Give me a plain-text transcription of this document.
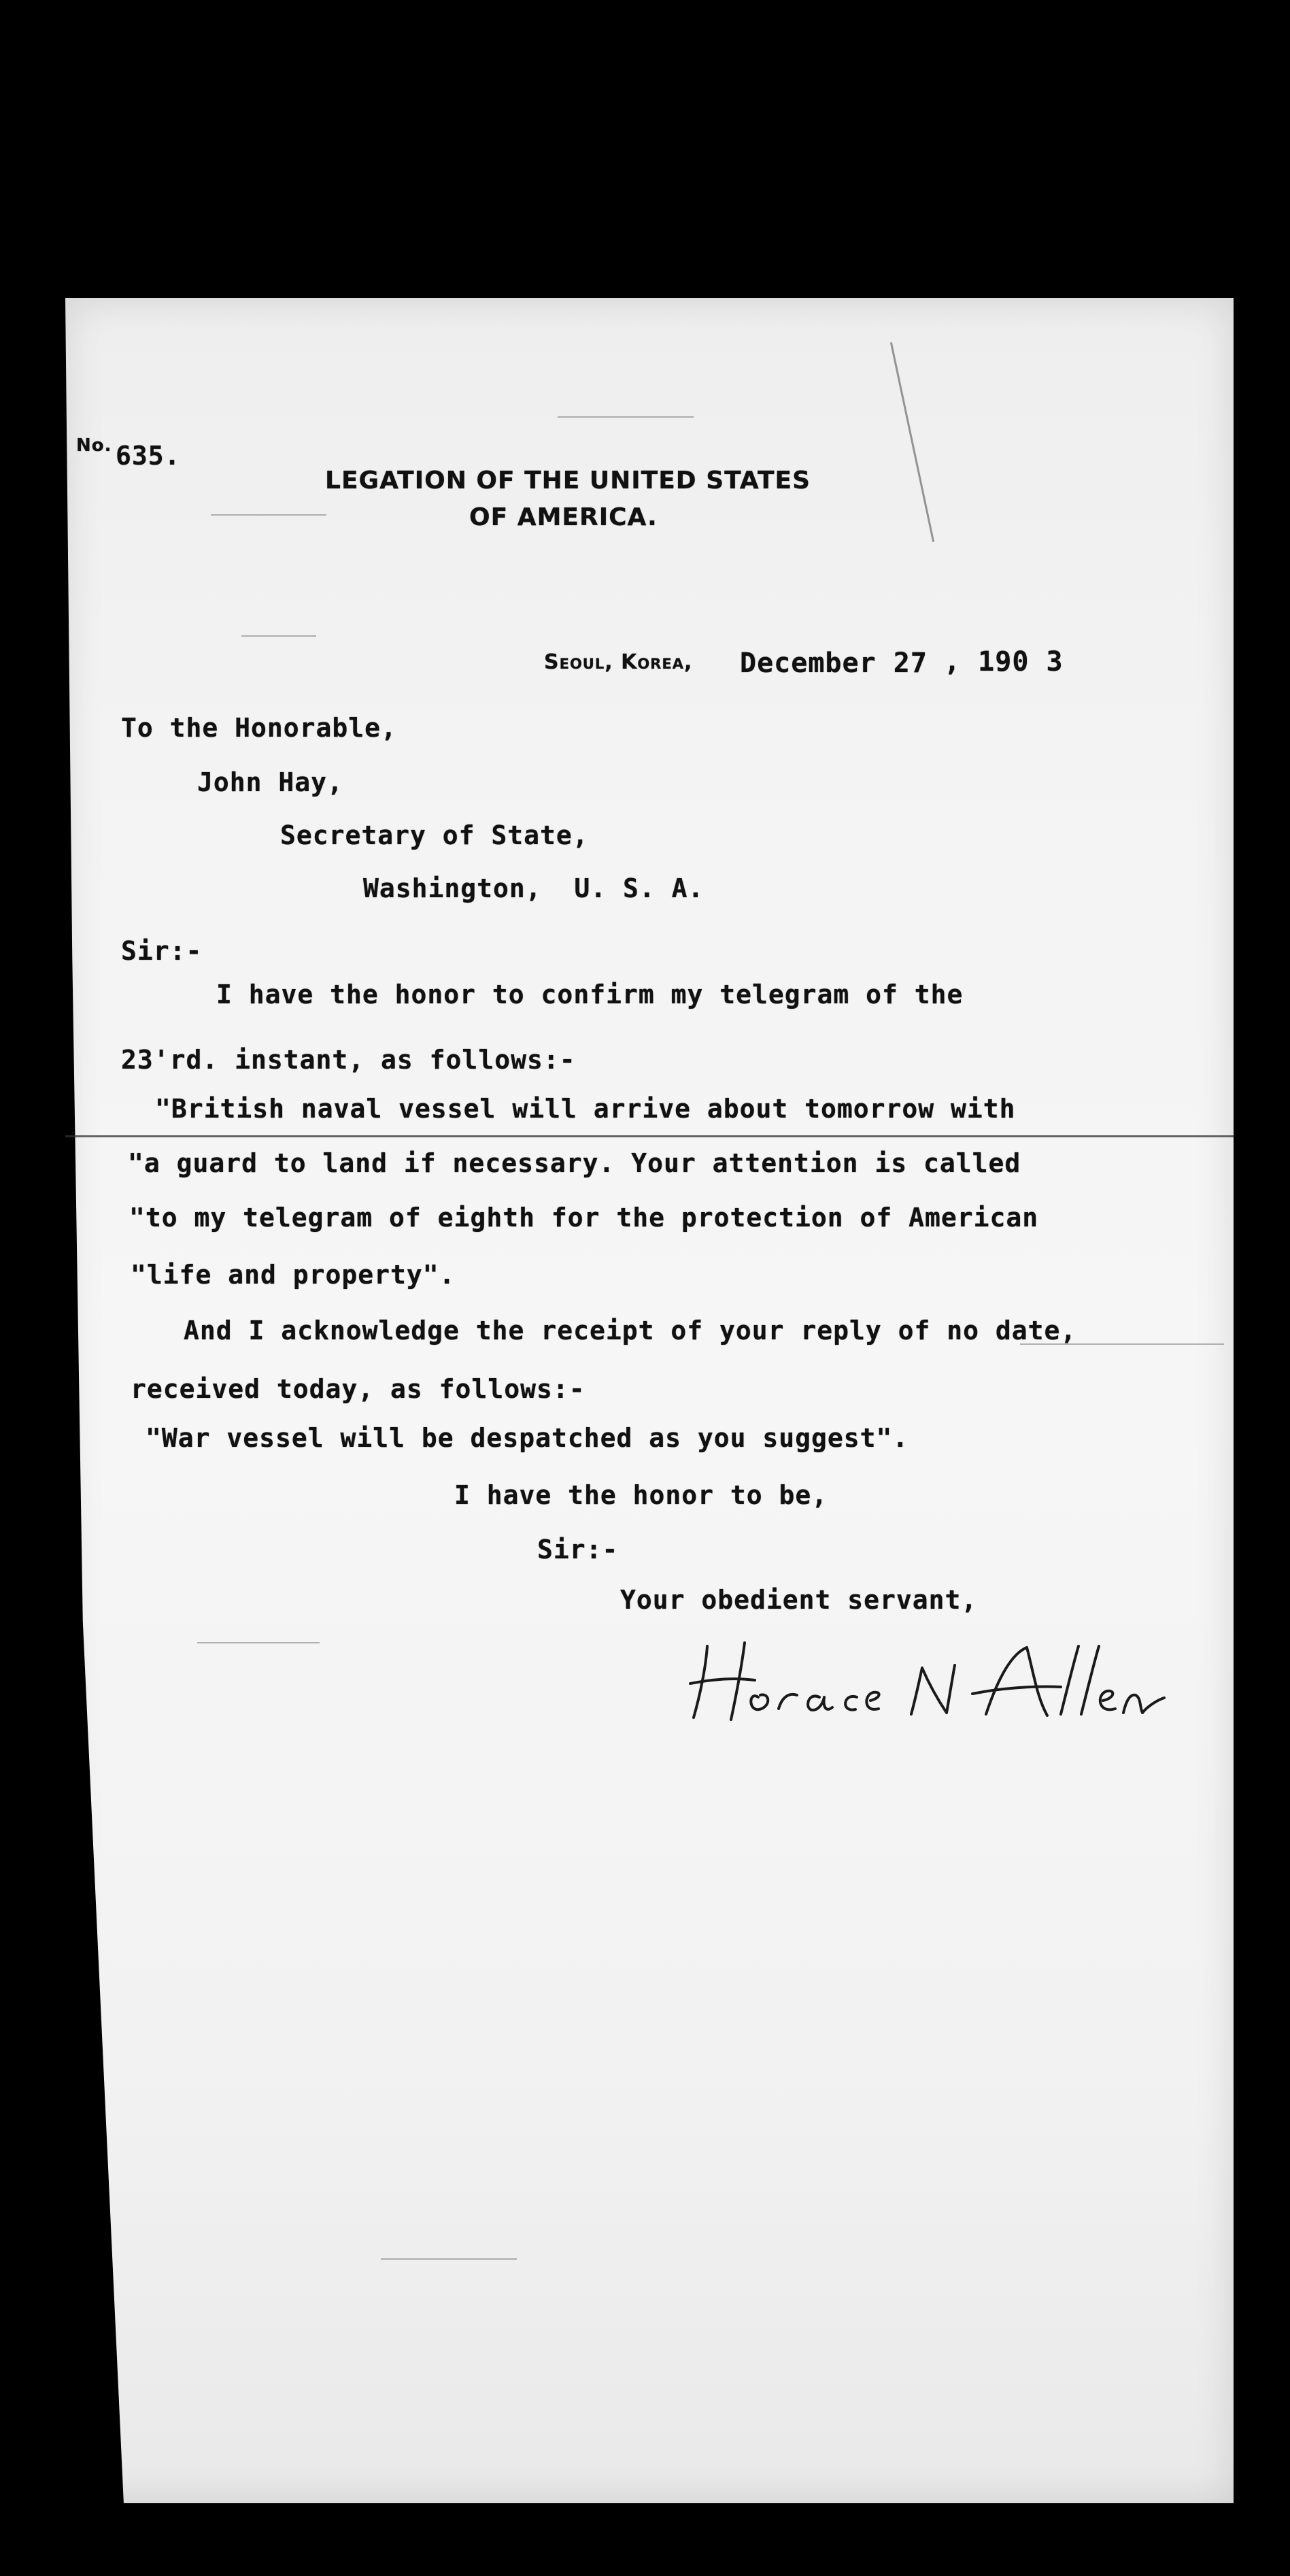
No. 635.
LEGATION OF THE UNITED STATES
OF AMERICA.
Seoul, Korea, December 27 , 190 3
To the Honorable,
John Hay,
Secretary of State,
Washington,  U. S. A.
Sir:-
I have the honor to confirm my telegram of the
23'rd. instant, as follows:-
"British naval vessel will arrive about tomorrow with
"a guard to land if necessary. Your attention is called
"to my telegram of eighth for the protection of American
"life and property".
And I acknowledge the receipt of your reply of no date,
received today, as follows:-
"War vessel will be despatched as you suggest".
I have the honor to be,
Sir:-
Your obedient servant,
